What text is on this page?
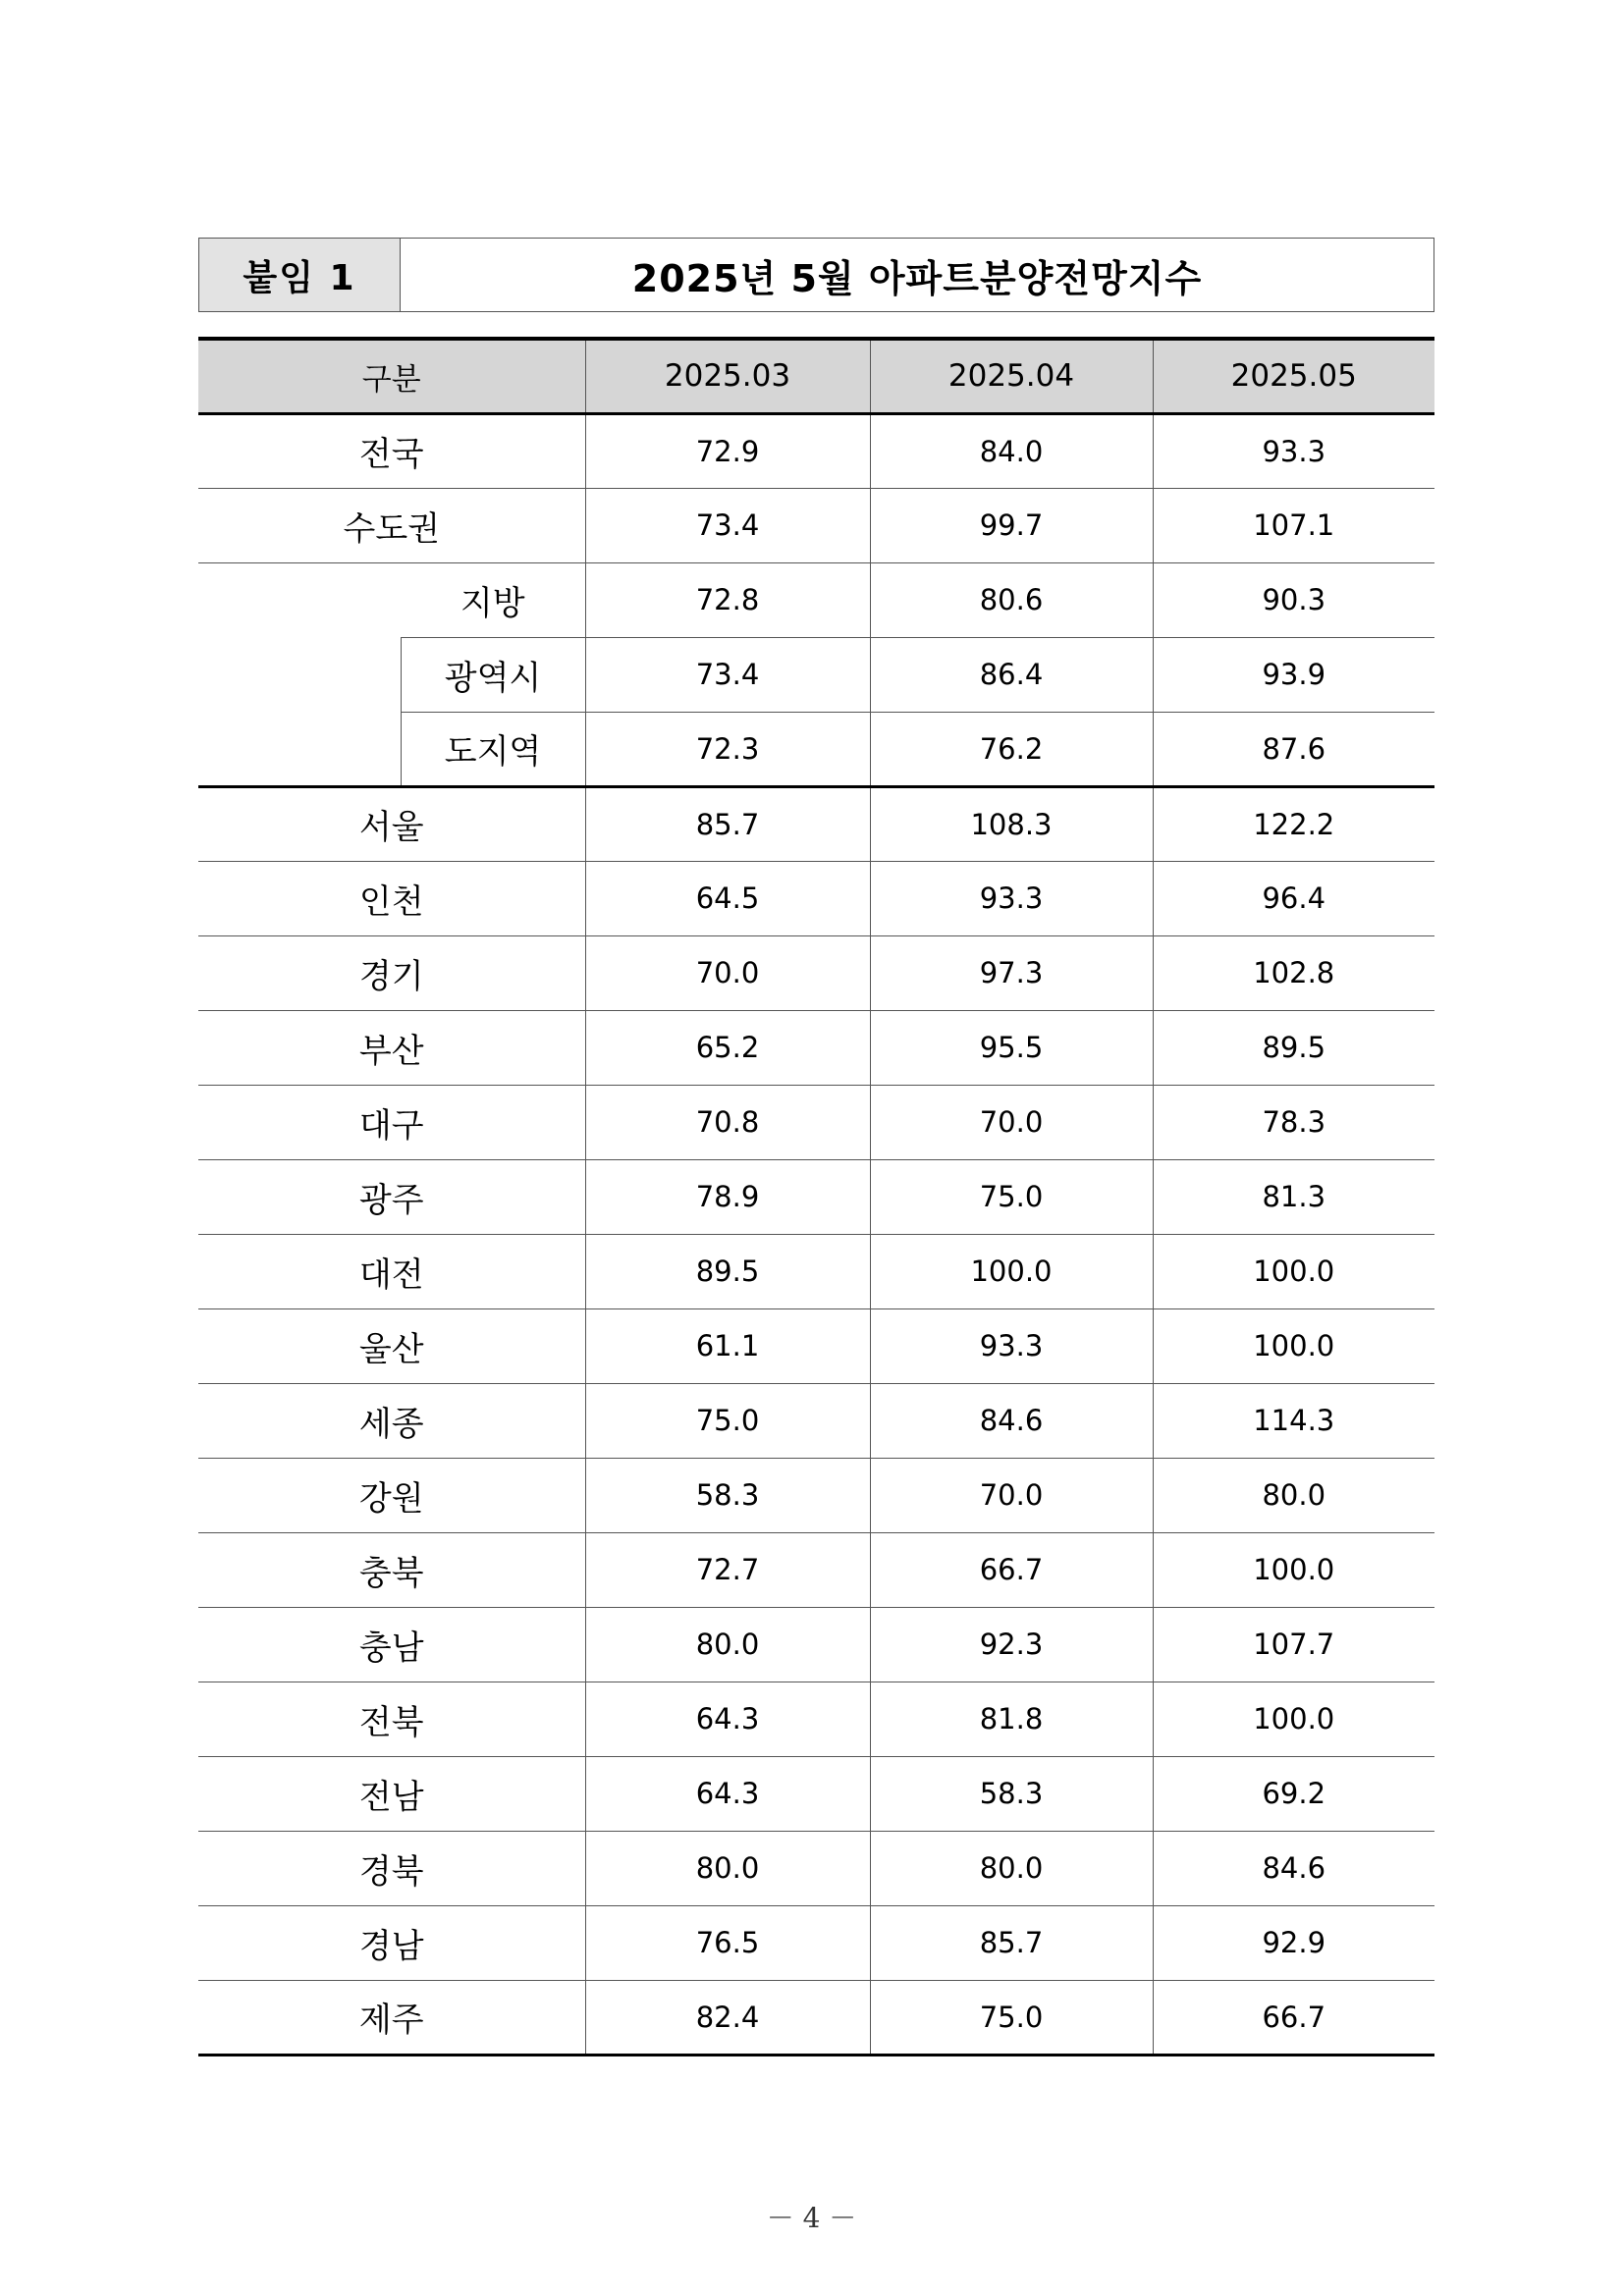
붙임 1	2025년 5월 아파트분양전망지수
구분		2025.03	2025.04	2025.05
전국		72.9	84.0	93.3
수도권		73.4	99.7	107.1
	지방	72.8	80.6	90.3
	광역시	73.4	86.4	93.9
	도지역	72.3	76.2	87.6
서울		85.7	108.3	122.2
인천		64.5	93.3	96.4
경기		70.0	97.3	102.8
부산		65.2	95.5	89.5
대구		70.8	70.0	78.3
광주		78.9	75.0	81.3
대전		89.5	100.0	100.0
울산		61.1	93.3	100.0
세종		75.0	84.6	114.3
강원		58.3	70.0	80.0
충북		72.7	66.7	100.0
충남		80.0	92.3	107.7
전북		64.3	81.8	100.0
전남		64.3	58.3	69.2
경북		80.0	80.0	84.6
경남		76.5	85.7	92.9
제주		82.4	75.0	66.7
－ 4 －
